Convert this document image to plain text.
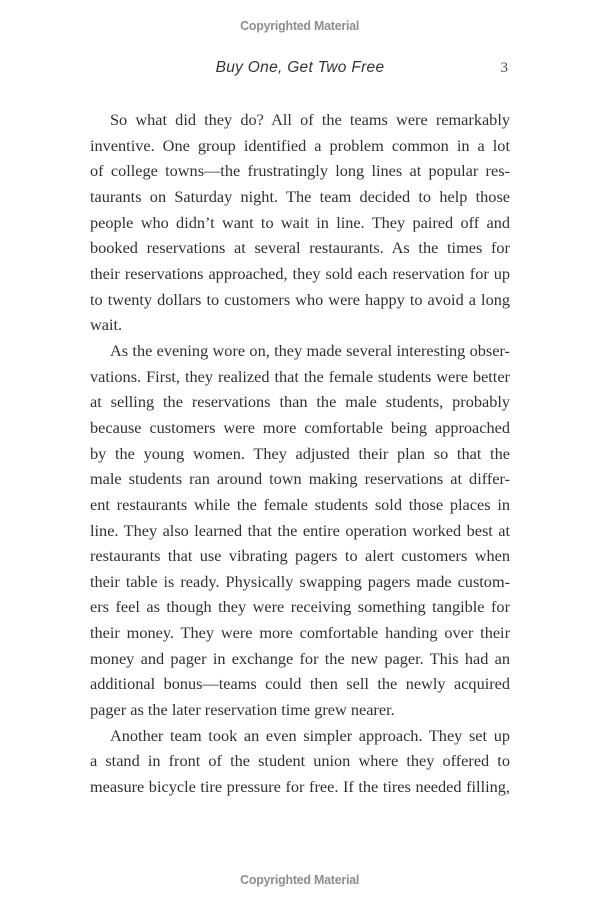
Copyrighted Material
Buy One, Get Two Free	3
So what did they do? All of the teams were remarkably
inventive. One group identified a problem common in a lot
of college towns—the frustratingly long lines at popular res-
taurants on Saturday night. The team decided to help those
people who didn’t want to wait in line. They paired off and
booked reservations at several restaurants. As the times for
their reservations approached, they sold each reservation for up
to twenty dollars to customers who were happy to avoid a long
wait.
As the evening wore on, they made several interesting obser-
vations. First, they realized that the female students were better
at selling the reservations than the male students, probably
because customers were more comfortable being approached
by the young women. They adjusted their plan so that the
male students ran around town making reservations at differ-
ent restaurants while the female students sold those places in
line. They also learned that the entire operation worked best at
restaurants that use vibrating pagers to alert customers when
their table is ready. Physically swapping pagers made custom-
ers feel as though they were receiving something tangible for
their money. They were more comfortable handing over their
money and pager in exchange for the new pager. This had an
additional bonus—teams could then sell the newly acquired
pager as the later reservation time grew nearer.
Another team took an even simpler approach. They set up
a stand in front of the student union where they offered to
measure bicycle tire pressure for free. If the tires needed filling,
Copyrighted Material
